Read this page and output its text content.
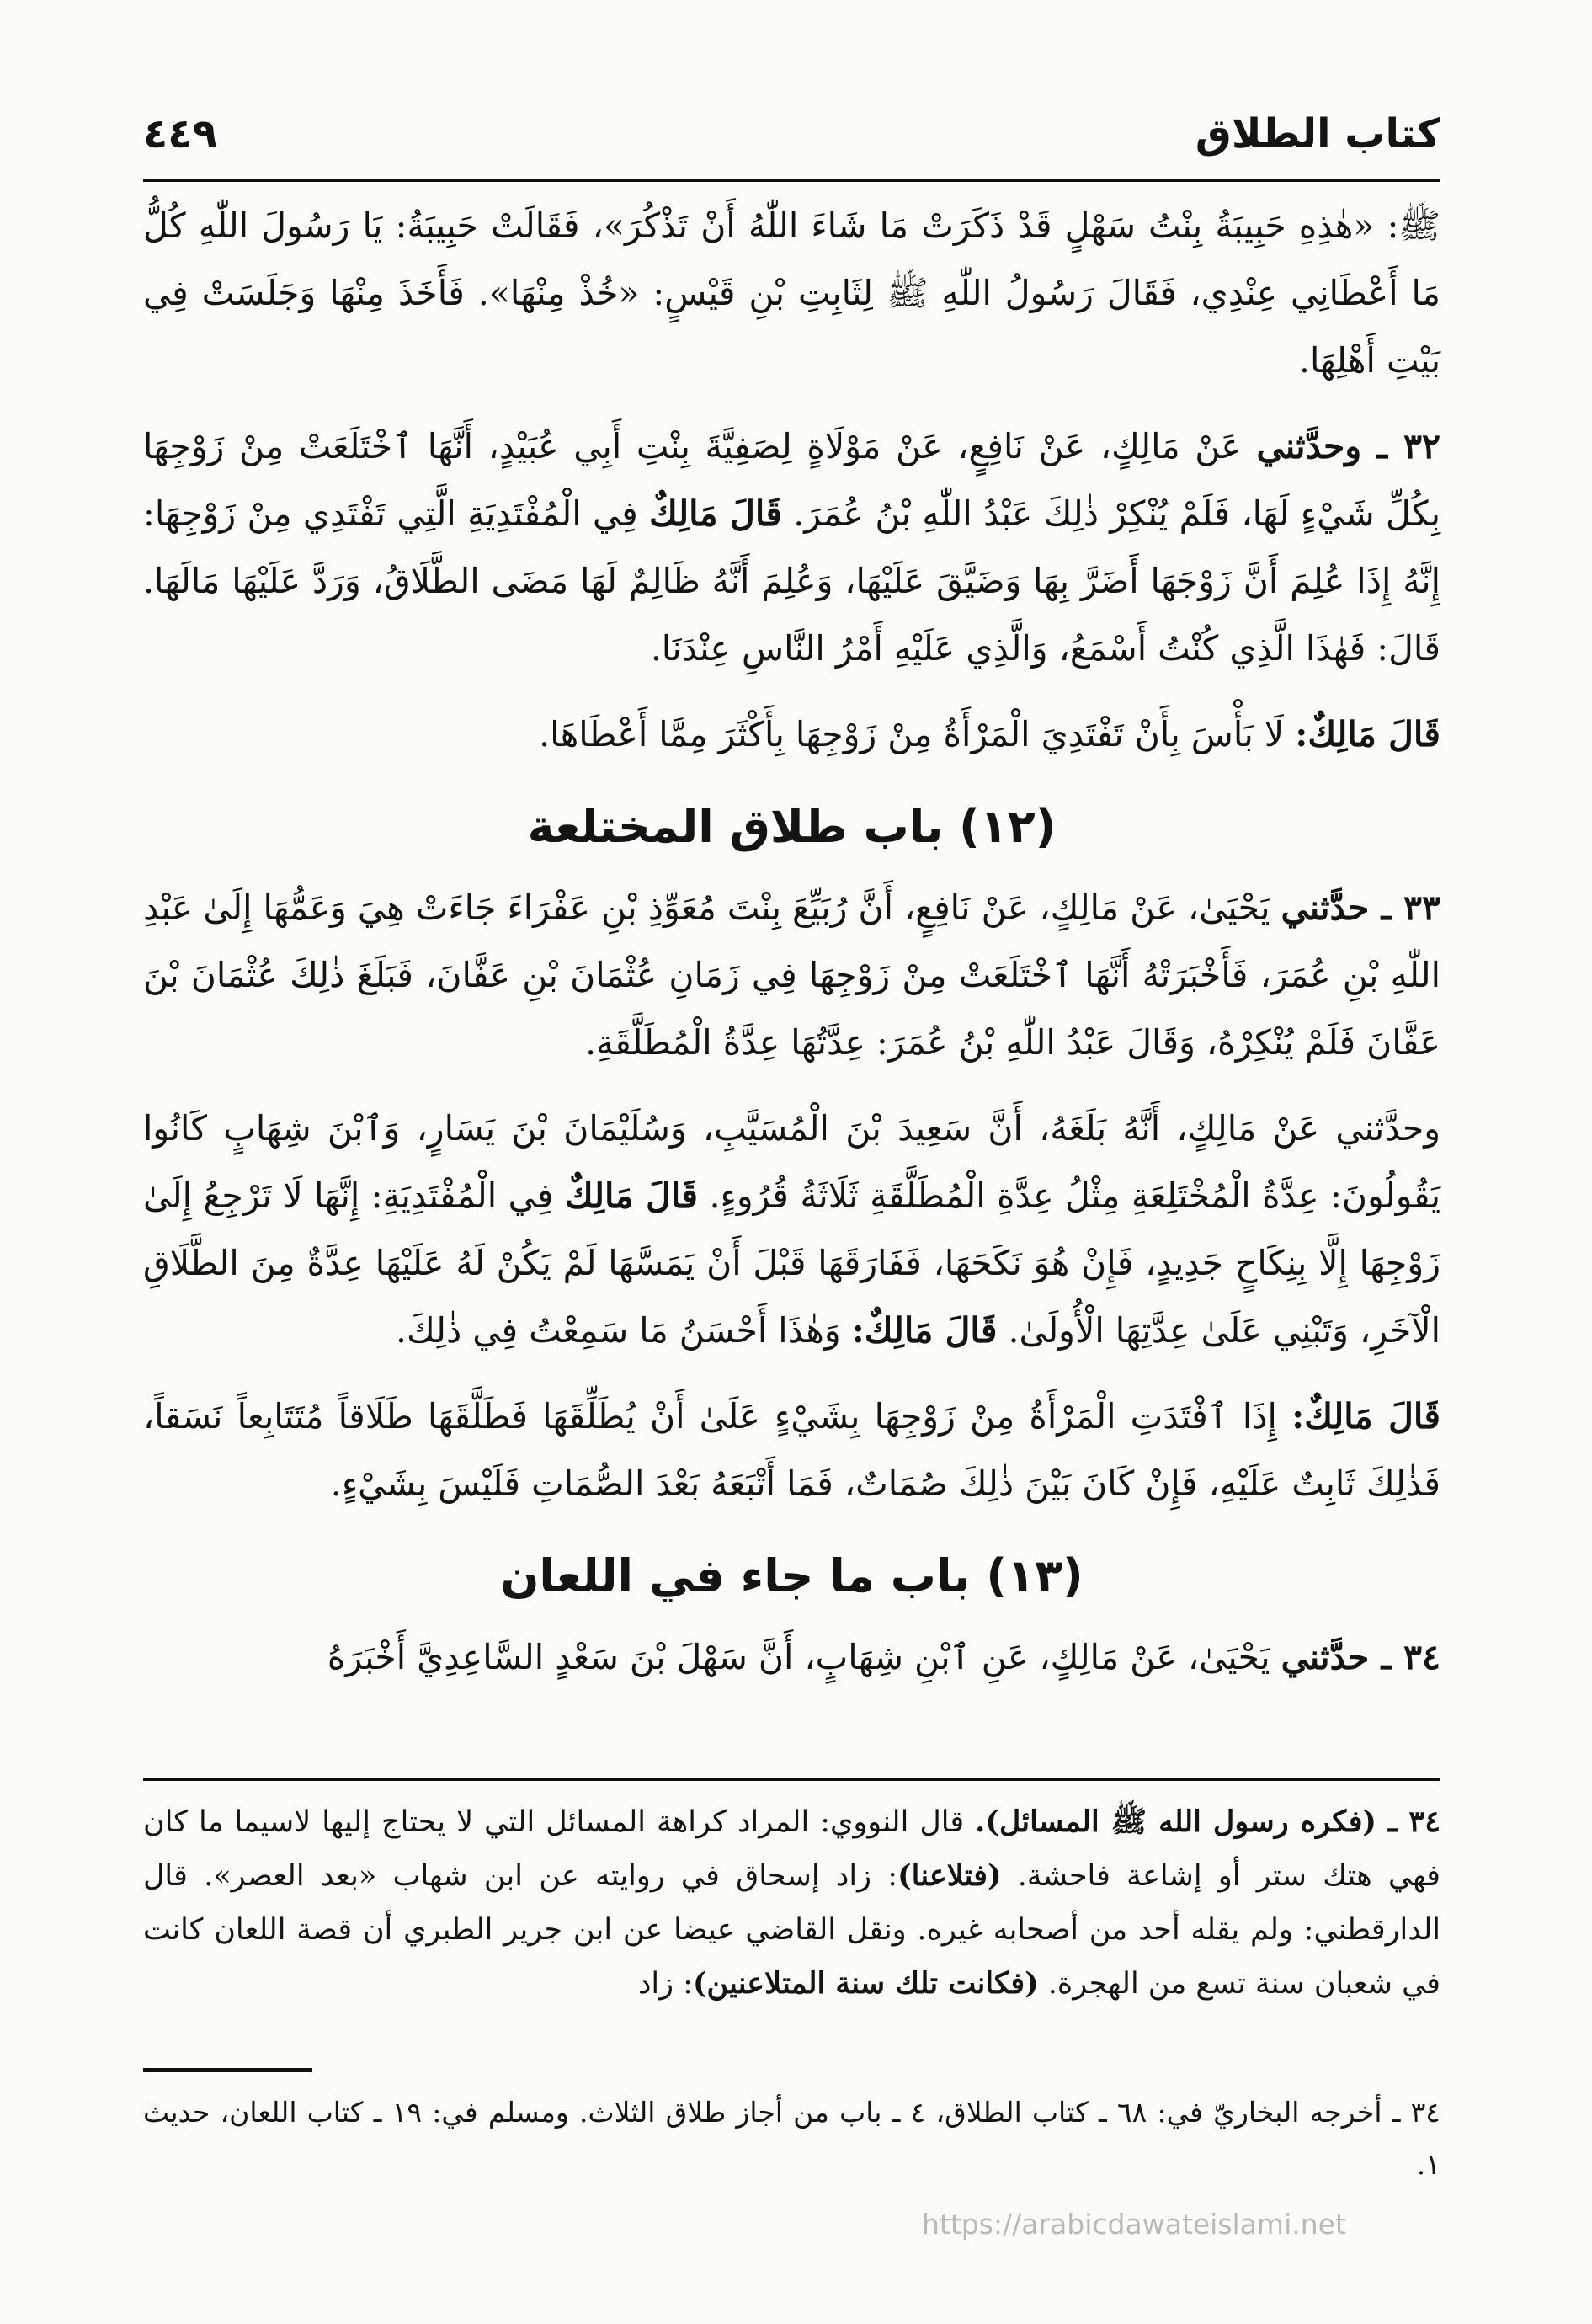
كتاب الطلاق
٤٤٩

ﷺ: «هٰذِهِ حَبِيبَةُ بِنْتُ سَهْلٍ قَدْ ذَكَرَتْ مَا شَاءَ اللّٰهُ أَنْ تَذْكُرَ»، فَقَالَتْ حَبِيبَةُ: يَا رَسُولَ اللّٰهِ كُلُّ مَا أَعْطَانِي عِنْدِي، فَقَالَ رَسُولُ اللّٰهِ ﷺ لِثَابِتِ بْنِ قَيْسٍ: «خُذْ مِنْهَا». فَأَخَذَ مِنْهَا وَجَلَسَتْ فِي بَيْتِ أَهْلِهَا.

٣٢ ـ وحدَّثني عَنْ مَالِكٍ، عَنْ نَافِعٍ، عَنْ مَوْلَاةٍ لِصَفِيَّةَ بِنْتِ أَبِي عُبَيْدٍ، أَنَّهَا ٱخْتَلَعَتْ مِنْ زَوْجِهَا بِكُلِّ شَيْءٍ لَهَا، فَلَمْ يُنْكِرْ ذٰلِكَ عَبْدُ اللّٰهِ بْنُ عُمَرَ. قَالَ مَالِكٌ فِي الْمُفْتَدِيَةِ الَّتِي تَفْتَدِي مِنْ زَوْجِهَا: إِنَّهُ إِذَا عُلِمَ أَنَّ زَوْجَهَا أَضَرَّ بِهَا وَضَيَّقَ عَلَيْهَا، وَعُلِمَ أَنَّهُ ظَالِمٌ لَهَا مَضَى الطَّلَاقُ، وَرَدَّ عَلَيْهَا مَالَهَا. قَالَ: فَهٰذَا الَّذِي كُنْتُ أَسْمَعُ، وَالَّذِي عَلَيْهِ أَمْرُ النَّاسِ عِنْدَنَا.

قَالَ مَالِكٌ: لَا بَأْسَ بِأَنْ تَفْتَدِيَ الْمَرْأَةُ مِنْ زَوْجِهَا بِأَكْثَرَ مِمَّا أَعْطَاهَا.

(١٢) باب طلاق المختلعة

٣٣ ـ حدَّثني يَحْيَىٰ، عَنْ مَالِكٍ، عَنْ نَافِعٍ، أَنَّ رُبَيِّعَ بِنْتَ مُعَوِّذِ بْنِ عَفْرَاءَ جَاءَتْ هِيَ وَعَمُّهَا إِلَىٰ عَبْدِ اللّٰهِ بْنِ عُمَرَ، فَأَخْبَرَتْهُ أَنَّهَا ٱخْتَلَعَتْ مِنْ زَوْجِهَا فِي زَمَانِ عُثْمَانَ بْنِ عَفَّانَ، فَبَلَغَ ذٰلِكَ عُثْمَانَ بْنَ عَفَّانَ فَلَمْ يُنْكِرْهُ، وَقَالَ عَبْدُ اللّٰهِ بْنُ عُمَرَ: عِدَّتُهَا عِدَّةُ الْمُطَلَّقَةِ.

وحدَّثني عَنْ مَالِكٍ، أَنَّهُ بَلَغَهُ، أَنَّ سَعِيدَ بْنَ الْمُسَيَّبِ، وَسُلَيْمَانَ بْنَ يَسَارٍ، وَٱبْنَ شِهَابٍ كَانُوا يَقُولُونَ: عِدَّةُ الْمُخْتَلِعَةِ مِثْلُ عِدَّةِ الْمُطَلَّقَةِ ثَلَاثَةُ قُرُوءٍ. قَالَ مَالِكٌ فِي الْمُفْتَدِيَةِ: إِنَّهَا لَا تَرْجِعُ إِلَىٰ زَوْجِهَا إِلَّا بِنِكَاحٍ جَدِيدٍ، فَإِنْ هُوَ نَكَحَهَا، فَفَارَقَهَا قَبْلَ أَنْ يَمَسَّهَا لَمْ يَكُنْ لَهُ عَلَيْهَا عِدَّةٌ مِنَ الطَّلَاقِ الْآخَرِ، وَتَبْنِي عَلَىٰ عِدَّتِهَا الْأُولَىٰ. قَالَ مَالِكٌ: وَهٰذَا أَحْسَنُ مَا سَمِعْتُ فِي ذٰلِكَ.

قَالَ مَالِكٌ: إِذَا ٱفْتَدَتِ الْمَرْأَةُ مِنْ زَوْجِهَا بِشَيْءٍ عَلَىٰ أَنْ يُطَلِّقَهَا فَطَلَّقَهَا طَلَاقاً مُتَتَابِعاً نَسَقاً، فَذٰلِكَ ثَابِتٌ عَلَيْهِ، فَإِنْ كَانَ بَيْنَ ذٰلِكَ صُمَاتٌ، فَمَا أَتْبَعَهُ بَعْدَ الصُّمَاتِ فَلَيْسَ بِشَيْءٍ.

(١٣) باب ما جاء في اللعان

٣٤ ـ حدَّثني يَحْيَىٰ، عَنْ مَالِكٍ، عَنِ ٱبْنِ شِهَابٍ، أَنَّ سَهْلَ بْنَ سَعْدٍ السَّاعِدِيَّ أَخْبَرَهُ

٣٤ ـ (فكره رسول الله ﷺ المسائل). قال النووي: المراد كراهة المسائل التي لا يحتاج إليها لاسيما ما كان فهي هتك ستر أو إشاعة فاحشة. (فتلاعنا): زاد إسحاق في روايته عن ابن شهاب «بعد العصر». قال الدارقطني: ولم يقله أحد من أصحابه غيره. ونقل القاضي عيضا عن ابن جرير الطبري أن قصة اللعان كانت في شعبان سنة تسع من الهجرة. (فكانت تلك سنة المتلاعنين): زاد

٣٤ ـ أخرجه البخاريّ في: ٦٨ ـ كتاب الطلاق، ٤ ـ باب من أجاز طلاق الثلاث. ومسلم في: ١٩ ـ كتاب اللعان، حديث ١.

https://arabicdawateislami.net
